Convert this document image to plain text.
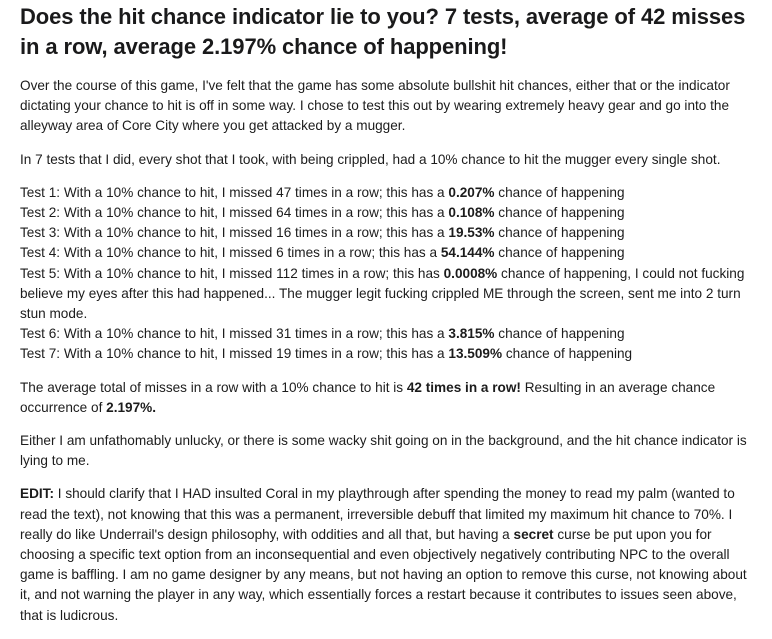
Does the hit chance indicator lie to you? 7 tests, average of 42 misses in a row, average 2.197% chance of happening!

Over the course of this game, I've felt that the game has some absolute bullshit hit chances, either that or the indicator dictating your chance to hit is off in some way. I chose to test this out by wearing extremely heavy gear and go into the alleyway area of Core City where you get attacked by a mugger.

In 7 tests that I did, every shot that I took, with being crippled, had a 10% chance to hit the mugger every single shot.

Test 1: With a 10% chance to hit, I missed 47 times in a row; this has a 0.207% chance of happening
Test 2: With a 10% chance to hit, I missed 64 times in a row; this has a 0.108% chance of happening
Test 3: With a 10% chance to hit, I missed 16 times in a row; this has a 19.53% chance of happening
Test 4: With a 10% chance to hit, I missed 6 times in a row; this has a 54.144% chance of happening
Test 5: With a 10% chance to hit, I missed 112 times in a row; this has 0.0008% chance of happening, I could not fucking believe my eyes after this had happened... The mugger legit fucking crippled ME through the screen, sent me into 2 turn stun mode.
Test 6: With a 10% chance to hit, I missed 31 times in a row; this has a 3.815% chance of happening
Test 7: With a 10% chance to hit, I missed 19 times in a row; this has a 13.509% chance of happening

The average total of misses in a row with a 10% chance to hit is 42 times in a row! Resulting in an average chance occurrence of 2.197%.

Either I am unfathomably unlucky, or there is some wacky shit going on in the background, and the hit chance indicator is lying to me.

EDIT: I should clarify that I HAD insulted Coral in my playthrough after spending the money to read my palm (wanted to read the text), not knowing that this was a permanent, irreversible debuff that limited my maximum hit chance to 70%. I really do like Underrail's design philosophy, with oddities and all that, but having a secret curse be put upon you for choosing a specific text option from an inconsequential and even objectively negatively contributing NPC to the overall game is baffling. I am no game designer by any means, but not having an option to remove this curse, not knowing about it, and not warning the player in any way, which essentially forces a restart because it contributes to issues seen above, that is ludicrous.
